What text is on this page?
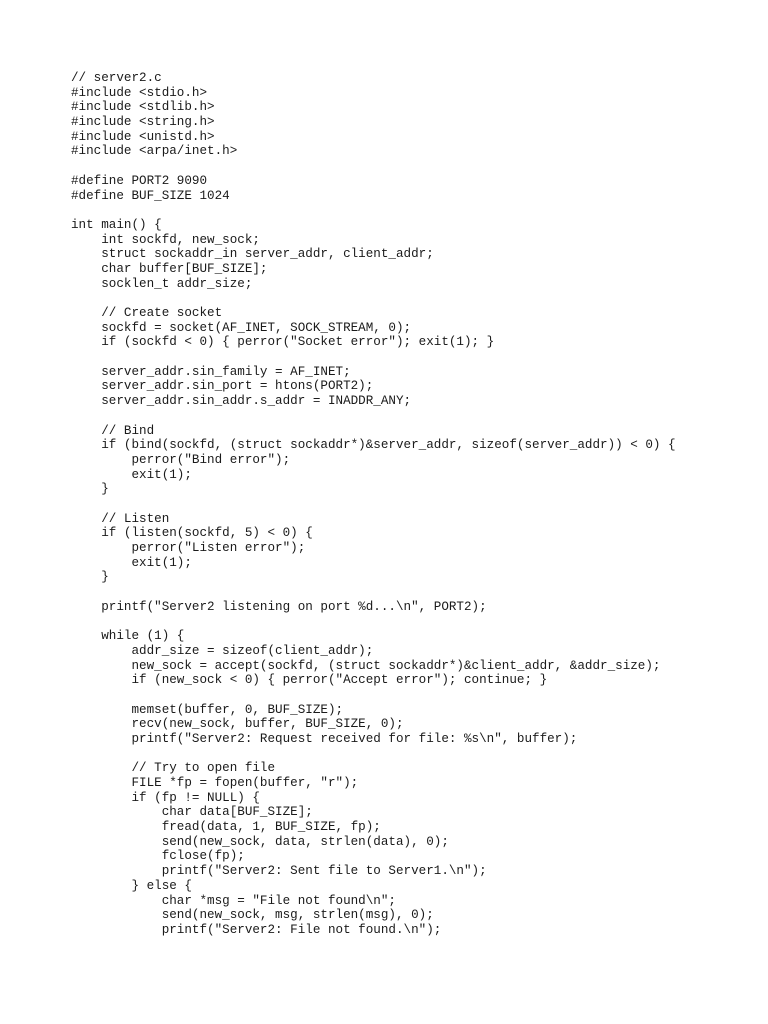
// server2.c
#include <stdio.h>
#include <stdlib.h>
#include <string.h>
#include <unistd.h>
#include <arpa/inet.h>
#define PORT2 9090
#define BUF_SIZE 1024
int main() {
int sockfd, new_sock;
struct sockaddr_in server_addr, client_addr;
char buffer[BUF_SIZE];
socklen_t addr_size;
// Create socket
sockfd = socket(AF_INET, SOCK_STREAM, 0);
if (sockfd < 0) { perror("Socket error"); exit(1); }
server_addr.sin_family = AF_INET;
server_addr.sin_port = htons(PORT2);
server_addr.sin_addr.s_addr = INADDR_ANY;
// Bind
if (bind(sockfd, (struct sockaddr*)&server_addr, sizeof(server_addr)) < 0) {
perror("Bind error");
exit(1);
}
// Listen
if (listen(sockfd, 5) < 0) {
perror("Listen error");
exit(1);
}
printf("Server2 listening on port %d...\n", PORT2);
while (1) {
addr_size = sizeof(client_addr);
new_sock = accept(sockfd, (struct sockaddr*)&client_addr, &addr_size);
if (new_sock < 0) { perror("Accept error"); continue; }
memset(buffer, 0, BUF_SIZE);
recv(new_sock, buffer, BUF_SIZE, 0);
printf("Server2: Request received for file: %s\n", buffer);
// Try to open file
FILE *fp = fopen(buffer, "r");
if (fp != NULL) {
char data[BUF_SIZE];
fread(data, 1, BUF_SIZE, fp);
send(new_sock, data, strlen(data), 0);
fclose(fp);
printf("Server2: Sent file to Server1.\n");
} else {
char *msg = "File not found\n";
send(new_sock, msg, strlen(msg), 0);
printf("Server2: File not found.\n");
